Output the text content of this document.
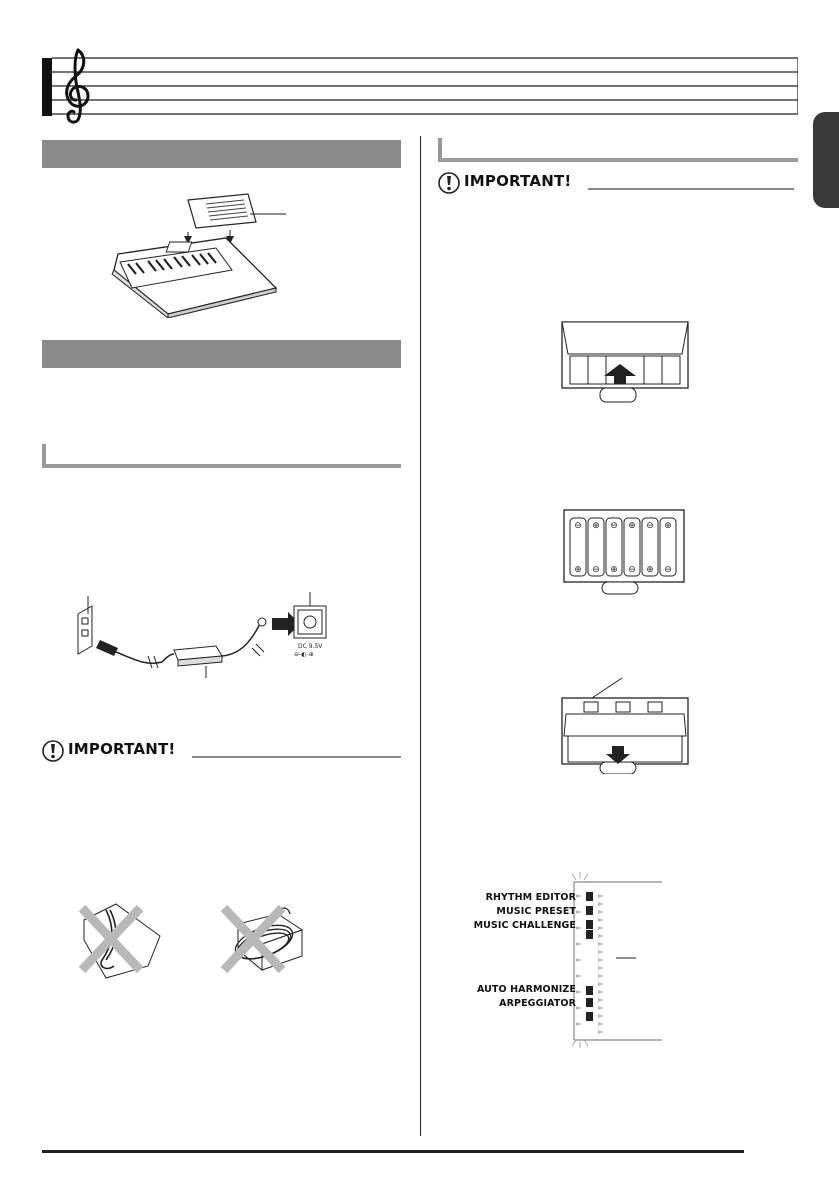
DC 9.5V
⊖-◐-⊕
IMPORTANT!
IMPORTANT!
⊖ ⊕ ⊖ ⊕ ⊖ ⊕
⊕ ⊖ ⊕ ⊖ ⊕ ⊖
RHYTHM EDITOR
MUSIC PRESET
MUSIC CHALLENGE
AUTO HARMONIZE
ARPEGGIATOR
